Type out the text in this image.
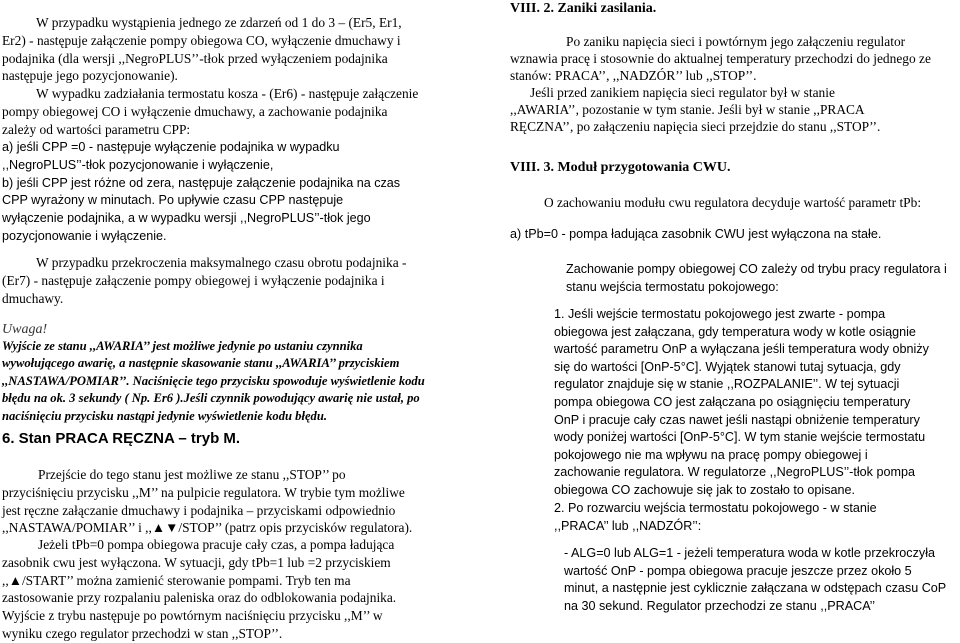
W przypadku wystąpienia jednego ze zdarzeń od 1 do 3 – (Er5, Er1,
Er2) - następuje załączenie pompy obiegowa CO, wyłączenie dmuchawy i
podajnika (dla wersji ,,NegroPLUS’’-tłok przed wyłączeniem podajnika
następuje jego pozycjonowanie).
W wypadku zadziałania termostatu kosza - (Er6) - następuje załączenie
pompy obiegowej CO i wyłączenie dmuchawy, a zachowanie podajnika
zależy od wartości parametru CPP:
a) jeśli CPP =0 - następuje wyłączenie podajnika w wypadku
,,NegroPLUS’’-tłok pozycjonowanie i wyłączenie,
b) jeśli CPP jest różne od zera, następuje załączenie podajnika na czas
CPP wyrażony w minutach. Po upływie czasu CPP następuje
wyłączenie podajnika, a w wypadku wersji ,,NegroPLUS’’-tłok jego
pozycjonowanie i wyłączenie.
W przypadku przekroczenia maksymalnego czasu obrotu podajnika -
(Er7) - następuje załączenie pompy obiegowej i wyłączenie podajnika i
dmuchawy.
Uwaga!
Wyjście ze stanu ,,AWARIA’’ jest możliwe jedynie po ustaniu czynnika
wywołującego awarię, a następnie skasowanie stanu ,,AWARIA’’ przyciskiem
,,NASTAWA/POMIAR’’. Naciśnięcie tego przycisku spowoduje wyświetlenie kodu
błędu na ok. 3 sekundy ( Np. Er6 ).Jeśli czynnik powodujący awarię nie ustał, po
naciśnięciu przycisku nastąpi jedynie wyświetlenie kodu błędu.
6. Stan PRACA RĘCZNA – tryb M.
Przejście do tego stanu jest możliwe ze stanu ,,STOP’’ po
przyciśnięciu przycisku ,,M’’ na pulpicie regulatora. W trybie tym możliwe
jest ręczne załączanie dmuchawy i podajnika – przyciskami odpowiednio
,,NASTAWA/POMIAR’’ i ,,▲▼/STOP’’ (patrz opis przycisków regulatora).
Jeżeli tPb=0 pompa obiegowa pracuje cały czas, a pompa ładująca
zasobnik cwu jest wyłączona. W sytuacji, gdy tPb=1 lub =2 przyciskiem
,,▲/START’’ można zamienić sterowanie pompami. Tryb ten ma
zastosowanie przy rozpalaniu paleniska oraz do odblokowania podajnika.
Wyjście z trybu następuje po powtórnym naciśnięciu przycisku ,,M’’ w
wyniku czego regulator przechodzi w stan ,,STOP’’.
VIII. 2. Zaniki zasilania.
Po zaniku napięcia sieci i powtórnym jego załączeniu regulator
wznawia pracę i stosownie do aktualnej temperatury przechodzi do jednego ze
stanów: PRACA’’, ,,NADZÓR’’ lub ,,STOP’’.
Jeśli przed zanikiem napięcia sieci regulator był w stanie
,,AWARIA’’, pozostanie w tym stanie. Jeśli był w stanie ,,PRACA
RĘCZNA’’, po załączeniu napięcia sieci przejdzie do stanu ,,STOP’’.
VIII. 3. Moduł przygotowania CWU.
O zachowaniu modułu cwu regulatora decyduje wartość parametr tPb:
a) tPb=0 - pompa ładująca zasobnik CWU jest wyłączona na stałe.
Zachowanie pompy obiegowej CO zależy od trybu pracy regulatora i
stanu wejścia termostatu pokojowego:
1. Jeśli wejście termostatu pokojowego jest zwarte - pompa
obiegowa jest załączana, gdy temperatura wody w kotle osiągnie
wartość parametru OnP a wyłączana jeśli temperatura wody obniży
się do wartości [OnP-5°C]. Wyjątek stanowi tutaj sytuacja, gdy
regulator znajduje się w stanie ,,ROZPALANIE’’. W tej sytuacji
pompa obiegowa CO jest załączana po osiągnięciu temperatury
OnP i pracuje cały czas nawet jeśli nastąpi obniżenie temperatury
wody poniżej wartości [OnP-5°C]. W tym stanie wejście termostatu
pokojowego nie ma wpływu na pracę pompy obiegowej i
zachowanie regulatora. W regulatorze ,,NegroPLUS’’-tłok pompa
obiegowa CO zachowuje się jak to zostało to opisane.
2. Po rozwarciu wejścia termostatu pokojowego - w stanie
,,PRACA’’ lub ,,NADZÓR’’:
- ALG=0 lub ALG=1 - jeżeli temperatura woda w kotle przekroczyła
wartość OnP - pompa obiegowa pracuje jeszcze przez około 5
minut, a następnie jest cyklicznie załączana w odstępach czasu CoP
na 30 sekund. Regulator przechodzi ze stanu ,,PRACA’’
